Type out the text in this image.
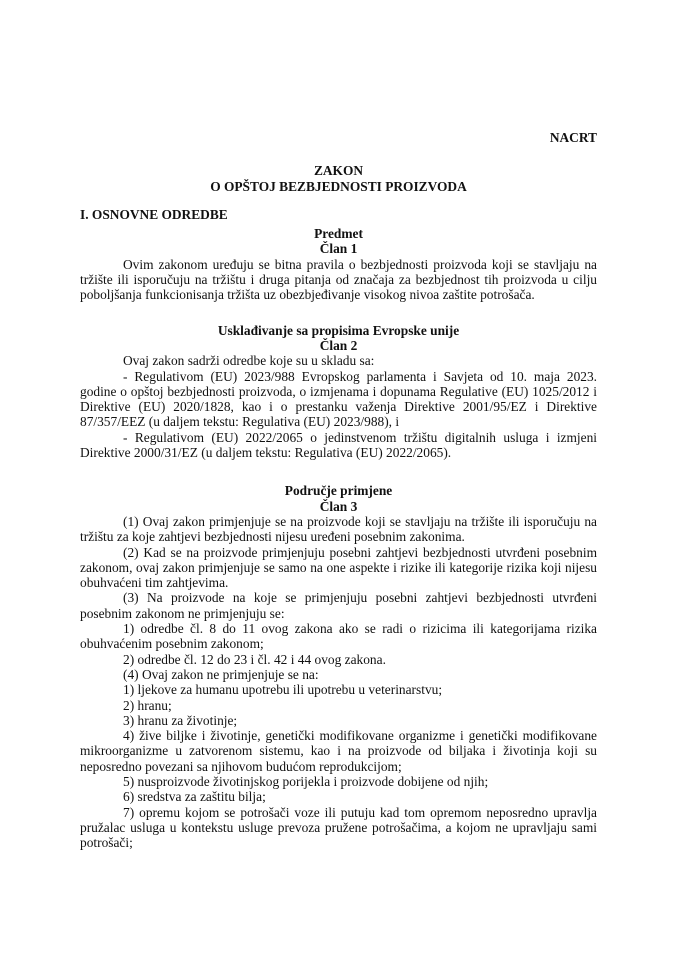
NACRT
ZAKON
O OPŠTOJ BEZBJEDNOSTI PROIZVODA
I. OSNOVNE ODREDBE
Predmet
Član 1

Ovim zakonom uređuju se bitna pravila o bezbjednosti proizvoda koji se stavljaju na tržište ili isporučuju na tržištu i druga pitanja od značaja za bezbjednost tih proizvoda u cilju poboljšanja funkcionisanja tržišta uz obezbjeđivanje visokog nivoa zaštite potrošača.

Usklađivanje sa propisima Evropske unije
Član 2

Ovaj zakon sadrži odredbe koje su u skladu sa:

- Regulativom (EU) 2023/988 Evropskog parlamenta i Savjeta od 10. maja 2023. godine o opštoj bezbjednosti proizvoda, o izmjenama i dopunama Regulative (EU) 1025/2012 i Direktive (EU) 2020/1828, kao i o prestanku važenja Direktive 2001/95/EZ i Direktive 87/357/EEZ (u daljem tekstu: Regulativa (EU) 2023/988), i

- Regulativom (EU) 2022/2065 o jedinstvenom tržištu digitalnih usluga i izmjeni Direktive 2000/31/EZ (u daljem tekstu: Regulativa (EU) 2022/2065).

Područje primjene
Član 3

(1) Ovaj zakon primjenjuje se na proizvode koji se stavljaju na tržište ili isporučuju na tržištu za koje zahtjevi bezbjednosti nijesu uređeni posebnim zakonima.

(2) Kad se na proizvode primjenjuju posebni zahtjevi bezbjednosti utvrđeni posebnim zakonom, ovaj zakon primjenjuje se samo na one aspekte i rizike ili kategorije rizika koji nijesu obuhvaćeni tim zahtjevima.

(3) Na proizvode na koje se primjenjuju posebni zahtjevi bezbjednosti utvrđeni posebnim zakonom ne primjenjuju se:

1) odredbe čl. 8 do 11 ovog zakona ako se radi o rizicima ili kategorijama rizika obuhvaćenim posebnim zakonom;

2) odredbe čl. 12 do 23 i čl. 42 i 44 ovog zakona.

(4) Ovaj zakon ne primjenjuje se na:

1) ljekove za humanu upotrebu ili upotrebu u veterinarstvu;

2) hranu;

3) hranu za životinje;

4) žive biljke i životinje, genetički modifikovane organizme i genetički modifikovane mikroorganizme u zatvorenom sistemu, kao i na proizvode od biljaka i životinja koji su neposredno povezani sa njihovom budućom reprodukcijom;

5) nusproizvode životinjskog porijekla i proizvode dobijene od njih;

6) sredstva za zaštitu bilja;

7) opremu kojom se potrošači voze ili putuju kad tom opremom neposredno upravlja pružalac usluga u kontekstu usluge prevoza pružene potrošačima, a kojom ne upravljaju sami potrošači;
